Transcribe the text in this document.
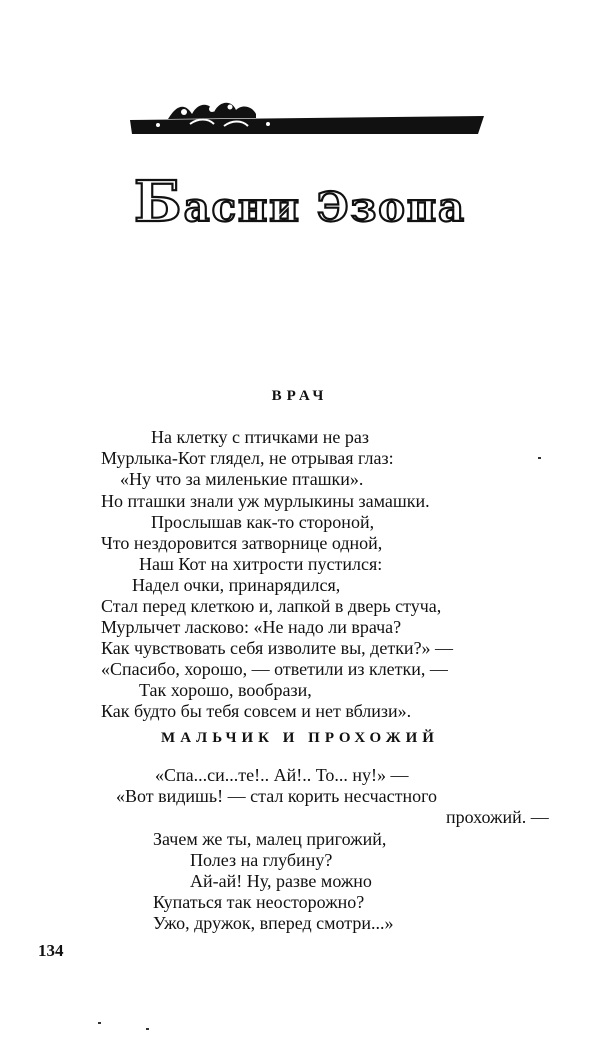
Басни Эзопа
ВРАЧ
На клетку с птичками не раз
Мурлыка-Кот глядел, не отрывая глаз:
«Ну что за миленькие пташки».
Но пташки знали уж мурлыкины замашки.
Прослышав как-то стороной,
Что нездоровится затворнице одной,
Наш Кот на хитрости пустился:
Надел очки, принарядился,
Стал перед клеткою и, лапкой в дверь стуча,
Мурлычет ласково: «Не надо ли врача?
Как чувствовать себя изволите вы, детки?» —
«Спасибо, хорошо, — ответили из клетки, —
Так хорошо, вообрази,
Как будто бы тебя совсем и нет вблизи».
МАЛЬЧИК И ПРОХОЖИЙ
«Спа...си...те!.. Ай!.. То... ну!» —
«Вот видишь! — стал корить несчастного
прохожий. —
Зачем же ты, малец пригожий,
Полез на глубину?
Ай-ай! Ну, разве можно
Купаться так неосторожно?
Ужо, дружок, вперед смотри...»
134
